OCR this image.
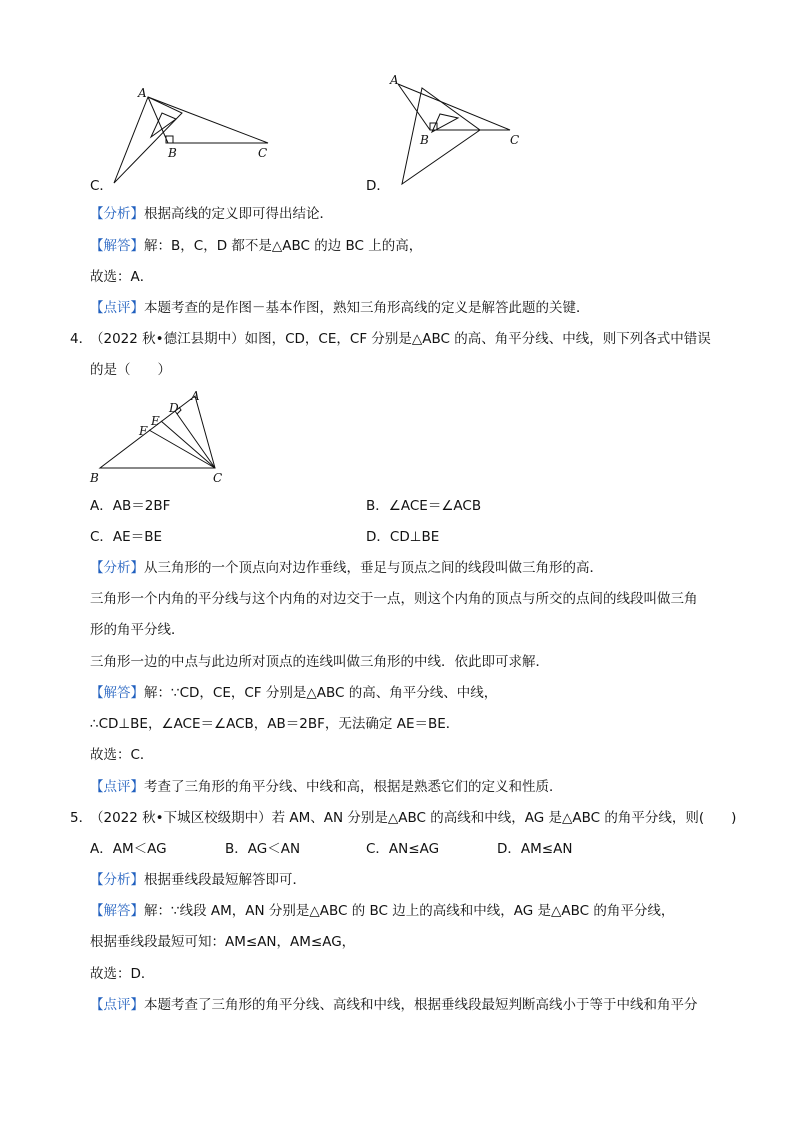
A
B	C
C．
A
B	C
D．
【分析】根据高线的定义即可得出结论．
【解答】解：B，C，D 都不是△ABC 的边 BC 上的高，
故选：A．
【点评】本题考查的是作图－基本作图，熟知三角形高线的定义是解答此题的关键．
4．
（2022 秋•德江县期中）如图，CD，CE，CF 分别是△ABC 的高、角平分线、中线，则下列各式中错误
的是（　　）
A
D
E
F
B	C
A．AB＝2BF	B．∠ACE＝∠ACB
C．AE＝BE	D．CD⊥BE
【分析】从三角形的一个顶点向对边作垂线，垂足与顶点之间的线段叫做三角形的高．
三角形一个内角的平分线与这个内角的对边交于一点，则这个内角的顶点与所交的点间的线段叫做三角
形的角平分线．
三角形一边的中点与此边所对顶点的连线叫做三角形的中线．依此即可求解．
【解答】解：∵CD，CE，CF 分别是△ABC 的高、角平分线、中线，
∴CD⊥BE，∠ACE＝∠ACB，AB＝2BF，无法确定 AE＝BE．
故选：C．
【点评】考查了三角形的角平分线、中线和高，根据是熟悉它们的定义和性质．
5．
（2022 秋•下城区校级期中）若 AM、AN 分别是△ABC 的高线和中线，AG 是△ABC 的角平分线，则(　　)
A．AM＜AG	B．AG＜AN	C．AN≤AG	D．AM≤AN
【分析】根据垂线段最短解答即可．
【解答】解：∵线段 AM，AN 分别是△ABC 的 BC 边上的高线和中线，AG 是△ABC 的角平分线，
根据垂线段最短可知：AM≤AN，AM≤AG，
故选：D．
【点评】本题考查了三角形的角平分线、高线和中线，根据垂线段最短判断高线小于等于中线和角平分
